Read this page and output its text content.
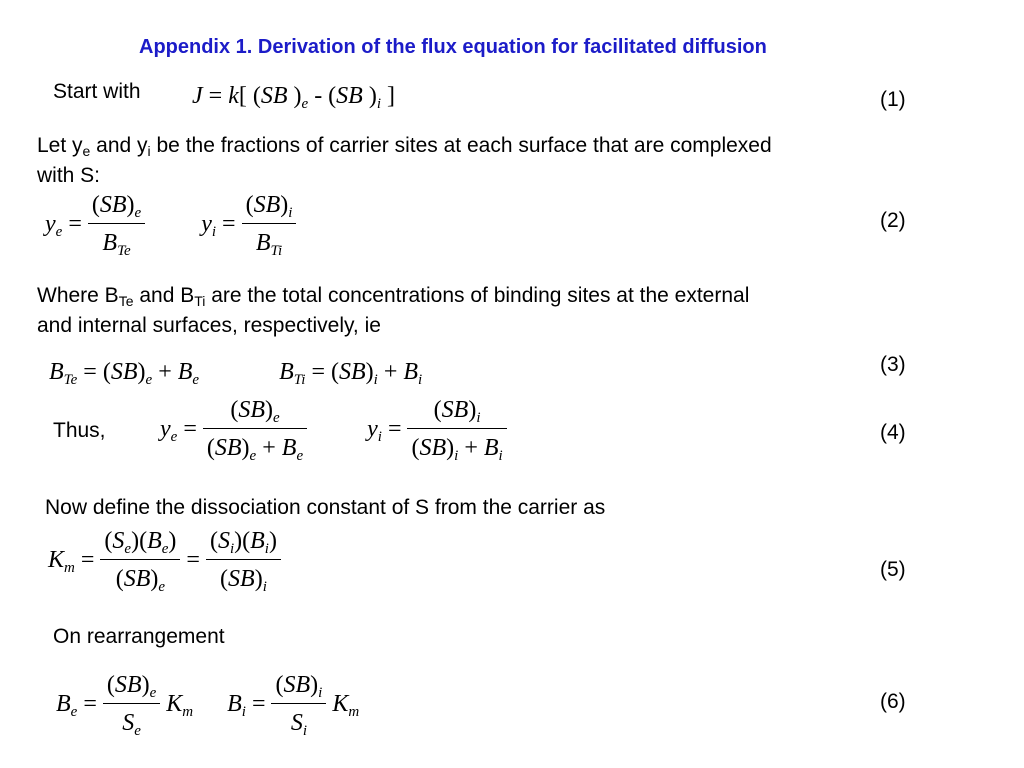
Appendix 1. Derivation of the flux equation for facilitated diffusion
Start with J = k[ (SB )$_e - (SB$ )$_i$ ]	(1)
Let $y_e$ and $y_i$ be the fractions of carrier sites at each surface that are complexed
with S:
$y_e = \frac{(SB)_e}{B_{Te}} y_i = \frac{(SB)_i}{B_{Ti}}$	(2)
Where $B_{Te}$ and $B_{Ti}$ are the total concentrations of binding sites at the external
and internal surfaces, respectively, ie
$B_{Te} = (SB)_e + B_e$	$B_{Ti} = (SB)_i + B_i$
(3)
Thus, $y_e = \frac{(SB)_e}{(SB)_e + B_e}$	$y_i = \frac{(SB)_i}{(SB)_i + B_i}$	(4)
Now define the dissociation constant of S from the carrier as
$K_m = \frac{(S_e)(B_e)}{(SB)_e} = \frac{(S_i)(B_i)}{(SB)_i}$	(5)
On rearrangement
$B_e = \frac{(SB)_e}{S_e} K_m$ $B_i = \frac{(SB)_i}{S_i} K_m$	(6)
